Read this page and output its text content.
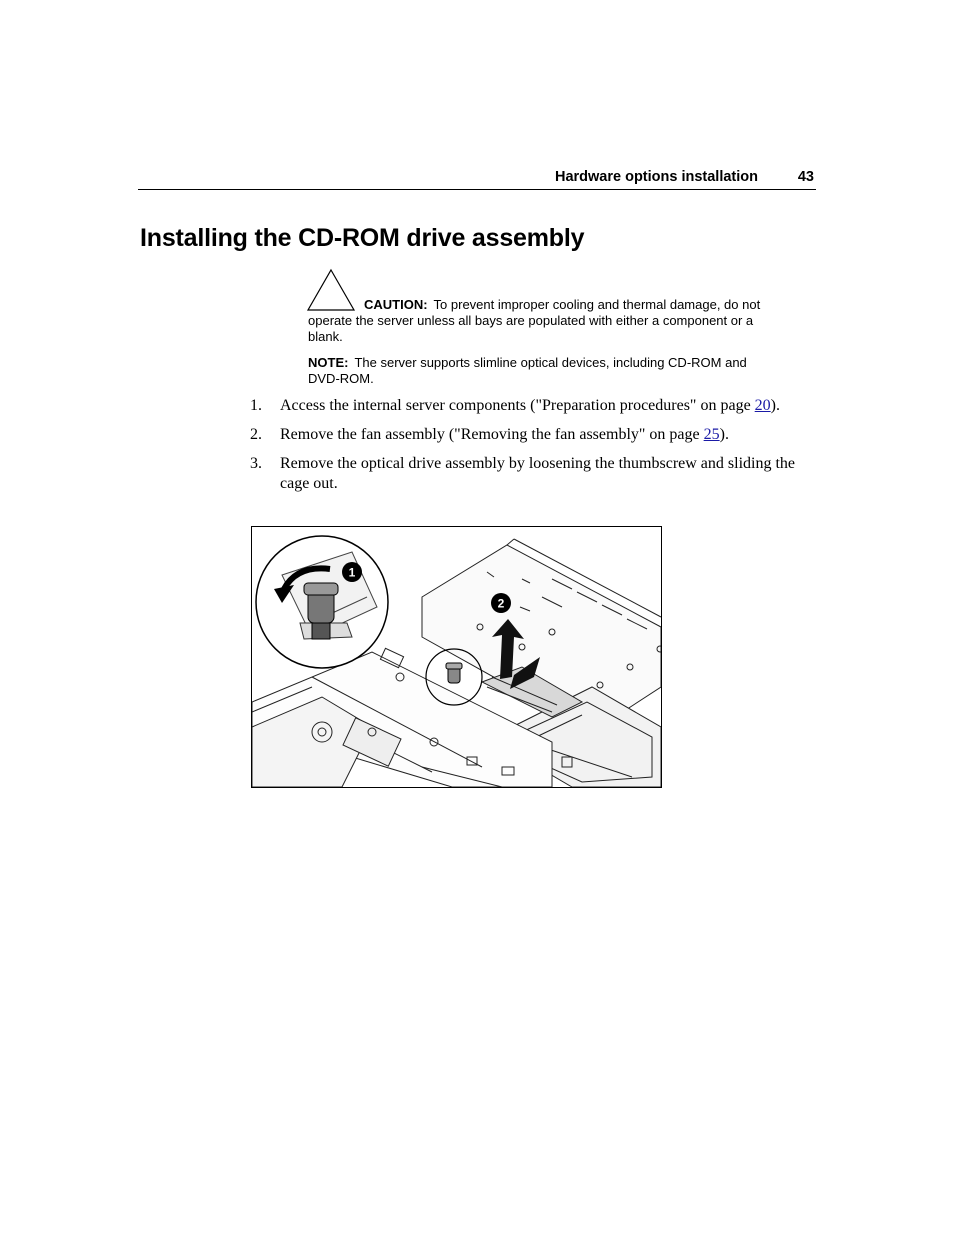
Hardware options installation	43
Installing the CD-ROM drive assembly
CAUTION: To prevent improper cooling and thermal damage, do not operate the server unless all bays are populated with either a component or a blank.
NOTE: The server supports slimline optical devices, including CD-ROM and DVD-ROM.
1. Access the internal server components ("Preparation procedures" on page 20).
2. Remove the fan assembly ("Removing the fan assembly" on page 25).
3. Remove the optical drive assembly by loosening the thumbscrew and sliding the cage out.
1
2
